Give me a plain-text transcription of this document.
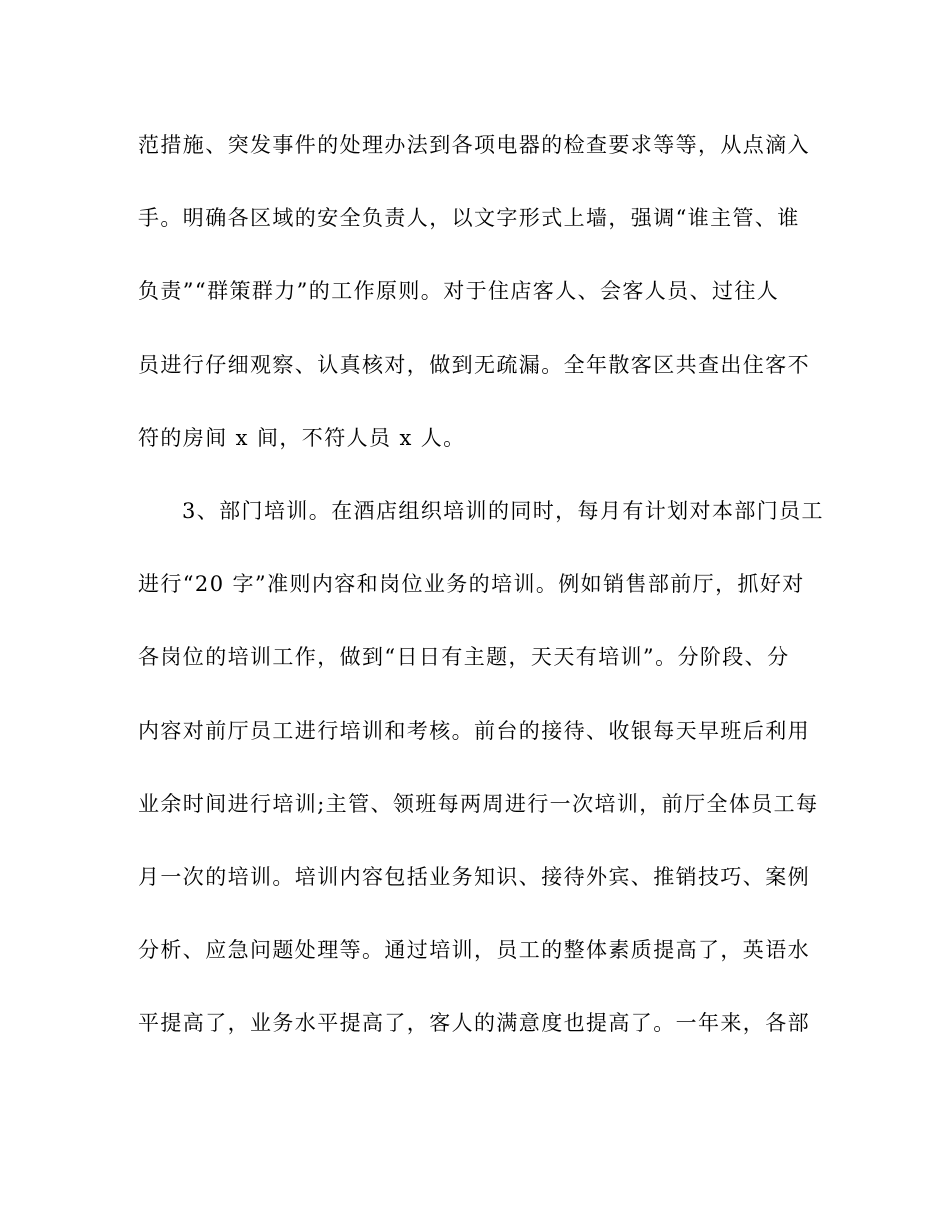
范措施、突发事件的处理办法到各项电器的检查要求等等，从点滴入
手。明确各区域的安全负责人，以文字形式上墙，强调“谁主管、谁
负责”“群策群力”的工作原则。对于住店客人、会客人员、过往人
员进行仔细观察、认真核对，做到无疏漏。全年散客区共查出住客不
符的房间 x 间，不符人员 x 人。
3、部门培训。在酒店组织培训的同时，每月有计划对本部门员工
进行“20 字”准则内容和岗位业务的培训。例如销售部前厅，抓好对
各岗位的培训工作，做到“日日有主题，天天有培训”。分阶段、分
内容对前厅员工进行培训和考核。前台的接待、收银每天早班后利用
业余时间进行培训;主管、领班每两周进行一次培训，前厅全体员工每
月一次的培训。培训内容包括业务知识、接待外宾、推销技巧、案例
分析、应急问题处理等。通过培训，员工的整体素质提高了，英语水
平提高了，业务水平提高了，客人的满意度也提高了。一年来，各部
